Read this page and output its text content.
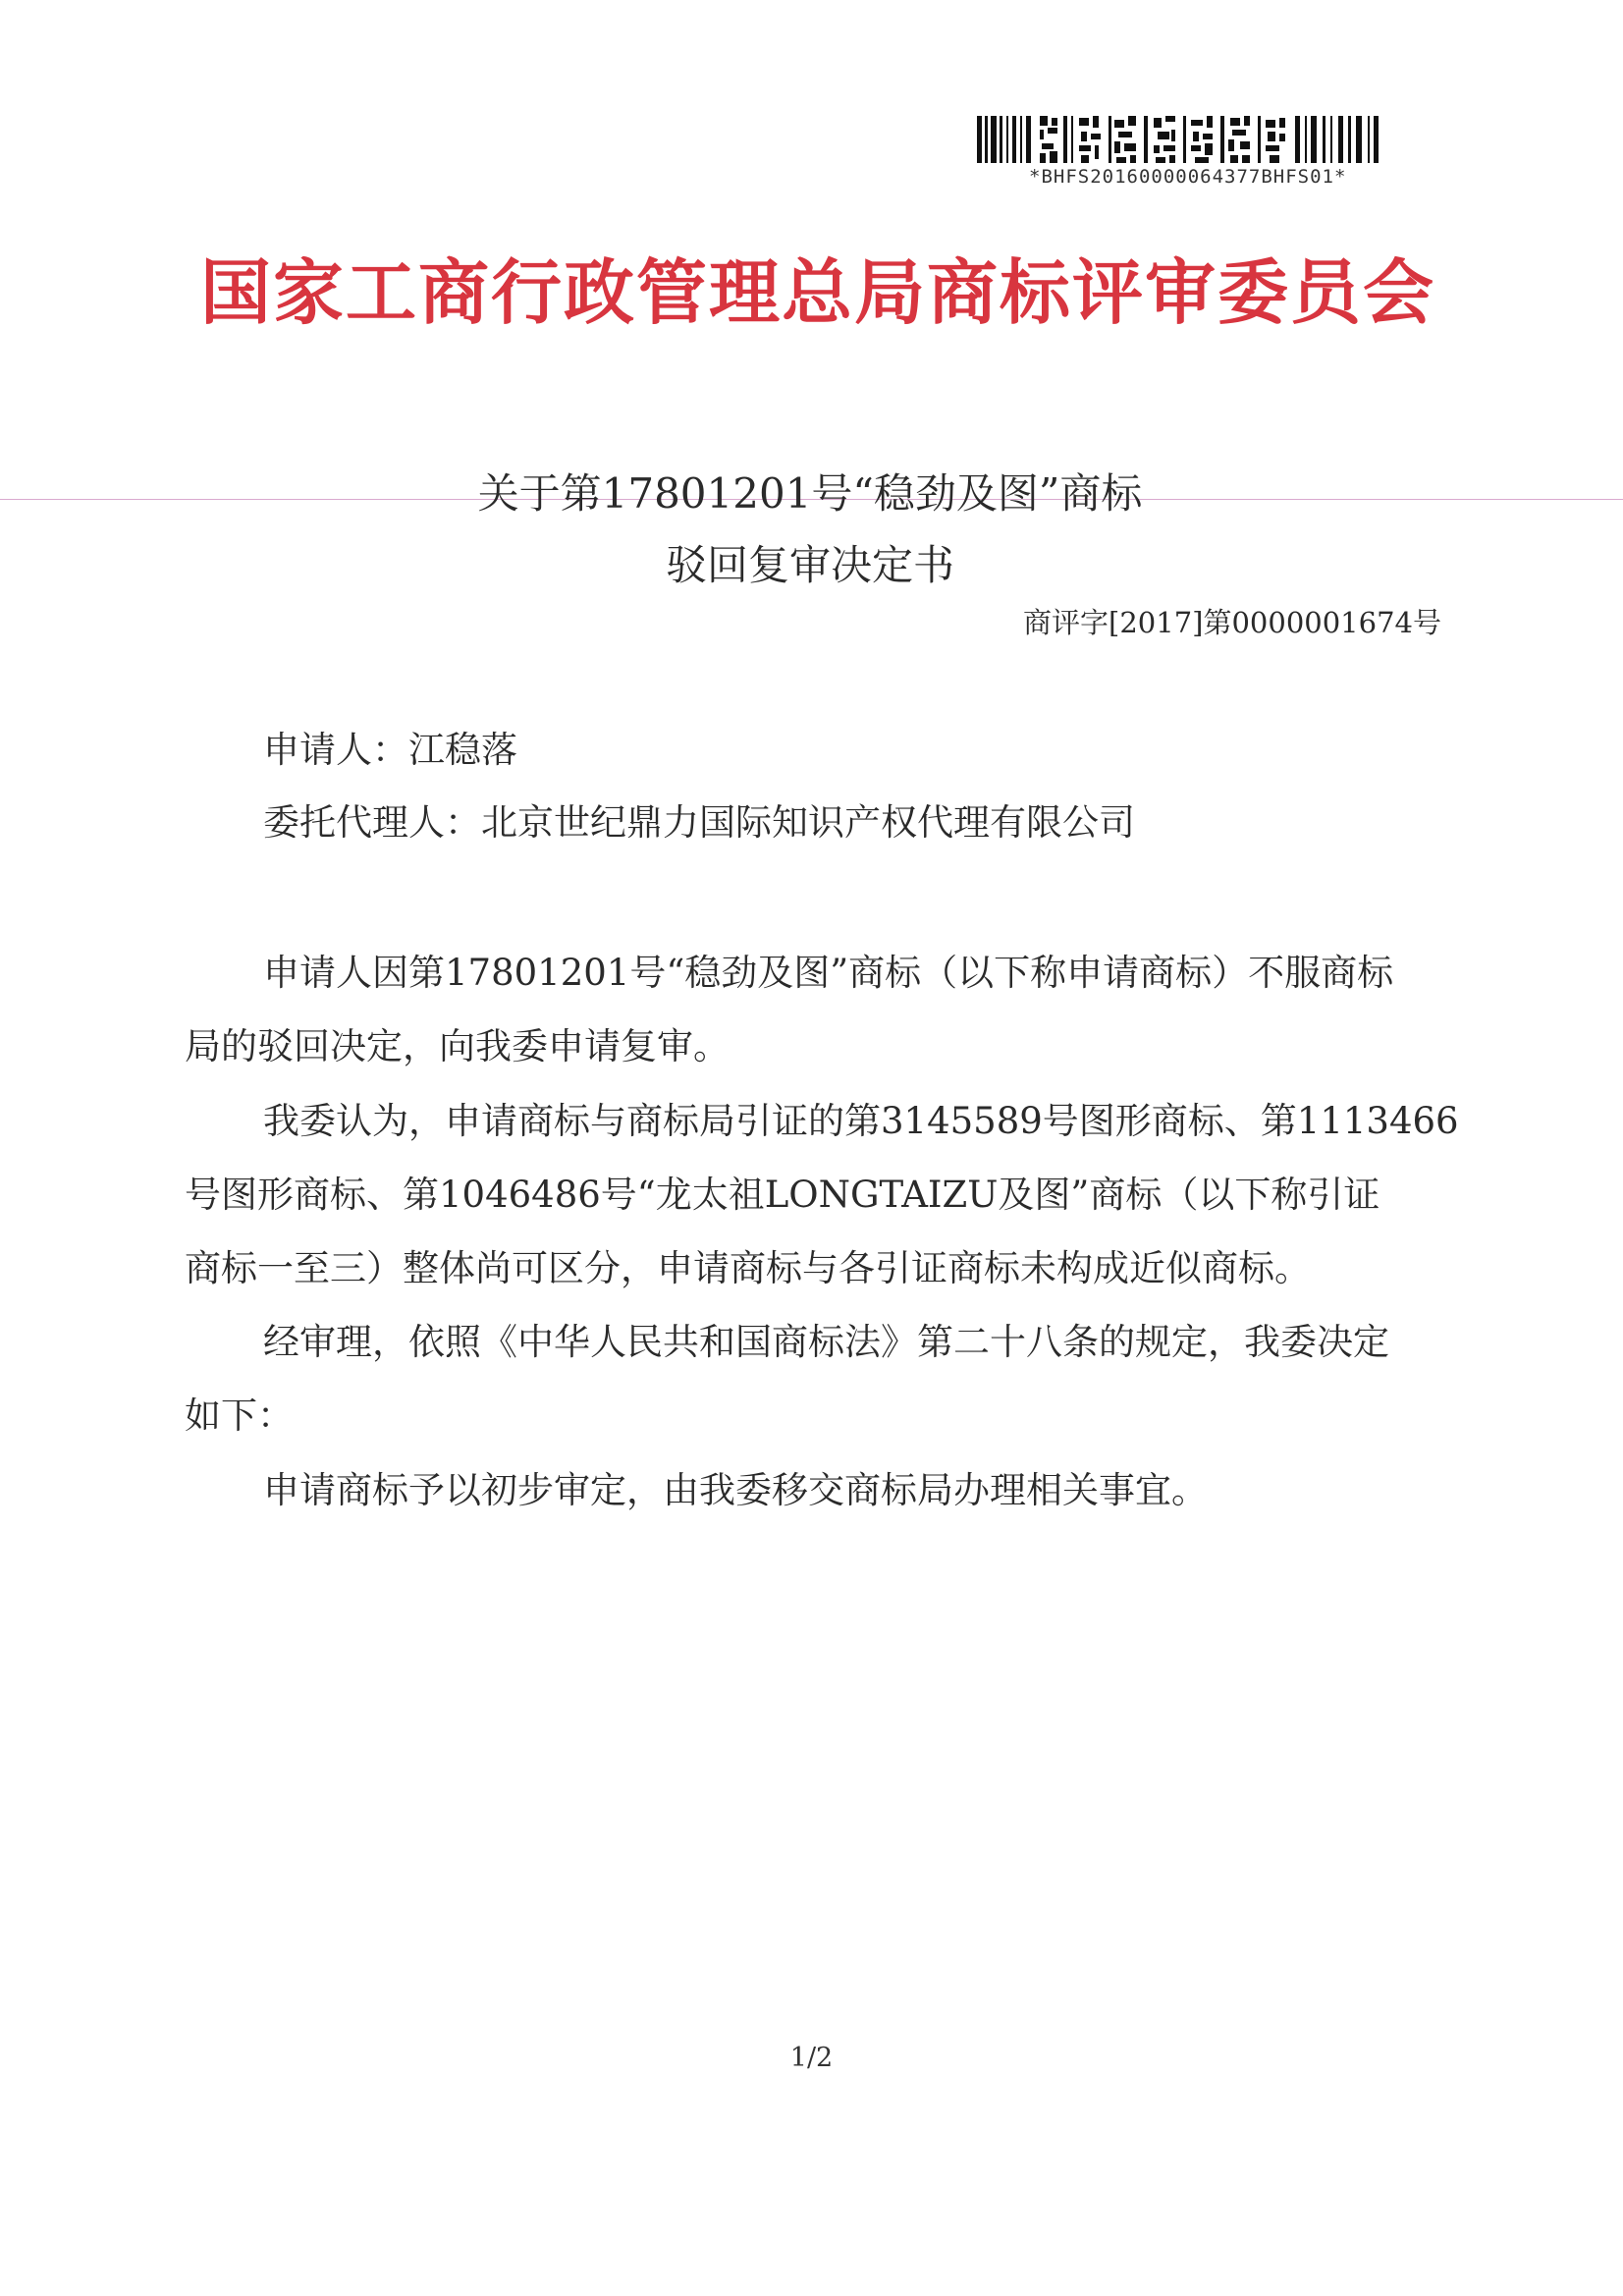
*BHFS20160000064377BHFS01*
国家工商行政管理总局商标评审委员会
关于第17801201号“稳劲及图”商标
驳回复审决定书
商评字[2017]第0000001674号
申请人：江稳落
委托代理人：北京世纪鼎力国际知识产权代理有限公司
申请人因第17801201号“稳劲及图”商标（以下称申请商标）不服商标
局的驳回决定，向我委申请复审。
我委认为，申请商标与商标局引证的第3145589号图形商标、第1113466
号图形商标、第1046486号“龙太祖LONGTAIZU及图”商标（以下称引证
商标一至三）整体尚可区分，申请商标与各引证商标未构成近似商标。
经审理，依照《中华人民共和国商标法》第二十八条的规定，我委决定
如下：
申请商标予以初步审定，由我委移交商标局办理相关事宜。
1/2
